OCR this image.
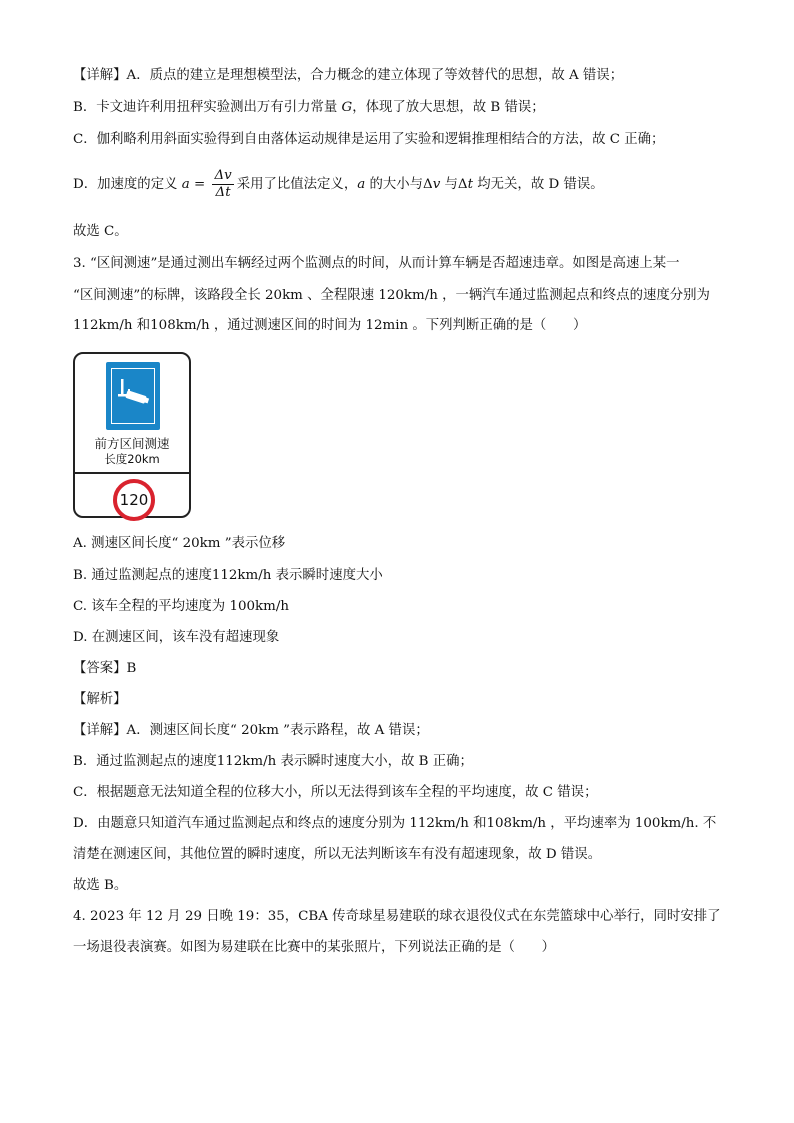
【详解】A．质点的建立是理想模型法，合力概念的建立体现了等效替代的思想，故 A 错误；
B．卡文迪许利用扭秤实验测出万有引力常量 G，体现了放大思想，故 B 错误；
C．伽利略利用斜面实验得到自由落体运动规律是运用了实验和逻辑推理相结合的方法，故 C 正确；
D．加速度的定义 $a = \frac{\Delta v}{\Delta t}$ 采用了比值法定义，a 的大小与Δv 与Δt 均无关，故 D 错误。
故选 C。
3. “区间测速”是通过测出车辆经过两个监测点的时间，从而计算车辆是否超速违章。如图是高速上某一
“区间测速”的标牌，该路段全长 20km 、全程限速 120km/h ，一辆汽车通过监测起点和终点的速度分别为
112km/h 和108km/h ，通过测速区间的时间为 12min 。下列判断正确的是（　　）
前方区间测速
长度20km
120
A. 测速区间长度“ 20km ”表示位移
B. 通过监测起点的速度112km/h 表示瞬时速度大小
C. 该车全程的平均速度为 100km/h
D. 在测速区间，该车没有超速现象
【答案】B
【解析】
【详解】A．测速区间长度“ 20km ”表示路程，故 A 错误；
B．通过监测起点的速度112km/h 表示瞬时速度大小，故 B 正确；
C．根据题意无法知道全程的位移大小，所以无法得到该车全程的平均速度，故 C 错误；
D．由题意只知道汽车通过监测起点和终点的速度分别为 112km/h 和108km/h ，平均速率为 100km/h. 不
清楚在测速区间，其他位置的瞬时速度，所以无法判断该车有没有超速现象，故 D 错误。
故选 B。
4. 2023 年 12 月 29 日晚 19：35，CBA 传奇球星易建联的球衣退役仪式在东莞篮球中心举行，同时安排了
一场退役表演赛。如图为易建联在比赛中的某张照片，下列说法正确的是（　　）
